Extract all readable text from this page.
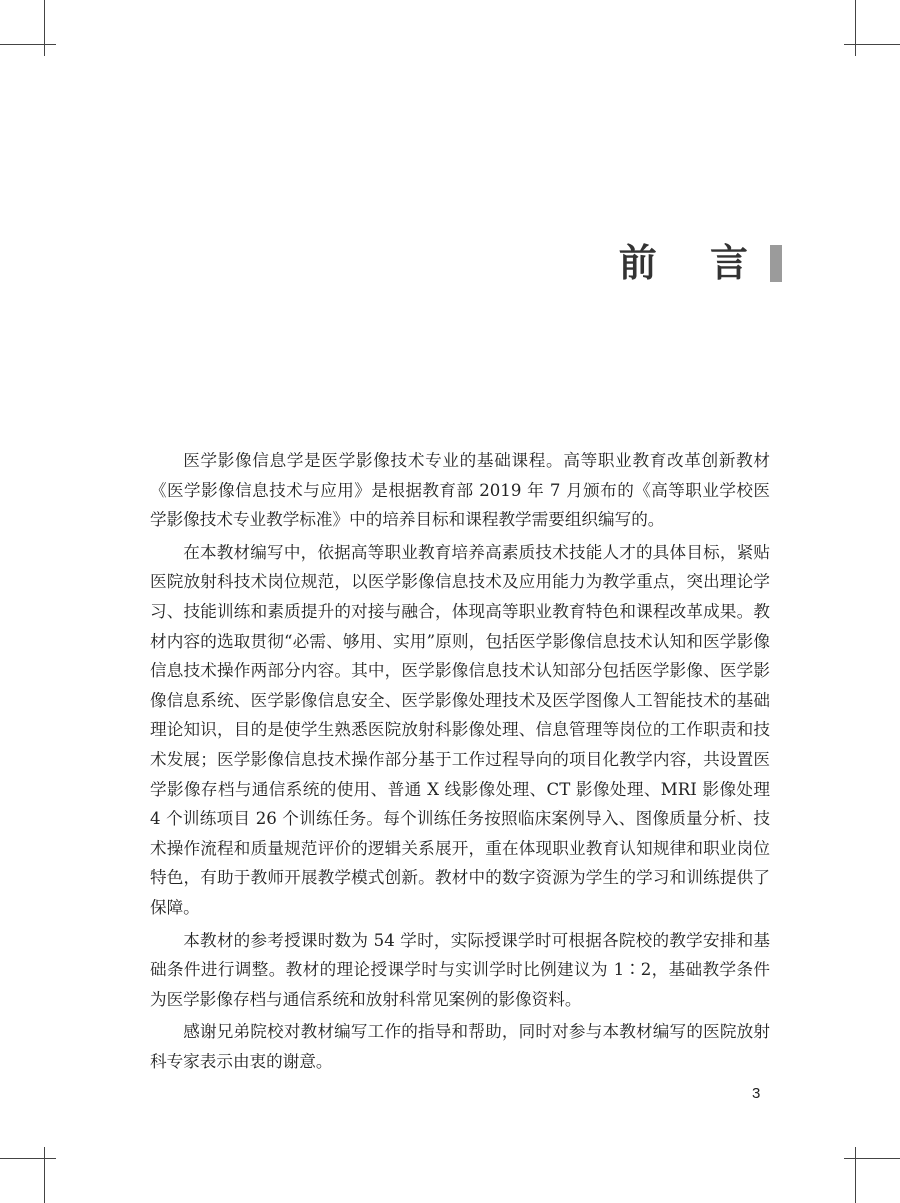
前 言

医学影像信息学是医学影像技术专业的基础课程。高等职业教育改革创新教材《医学影像信息技术与应用》是根据教育部 2019 年 7 月颁布的《高等职业学校医学影像技术专业教学标准》中的培养目标和课程教学需要组织编写的。

在本教材编写中，依据高等职业教育培养高素质技术技能人才的具体目标，紧贴医院放射科技术岗位规范，以医学影像信息技术及应用能力为教学重点，突出理论学习、技能训练和素质提升的对接与融合，体现高等职业教育特色和课程改革成果。教材内容的选取贯彻“必需、够用、实用”原则，包括医学影像信息技术认知和医学影像信息技术操作两部分内容。其中，医学影像信息技术认知部分包括医学影像、医学影像信息系统、医学影像信息安全、医学影像处理技术及医学图像人工智能技术的基础理论知识，目的是使学生熟悉医院放射科影像处理、信息管理等岗位的工作职责和技术发展；医学影像信息技术操作部分基于工作过程导向的项目化教学内容，共设置医学影像存档与通信系统的使用、普通 X 线影像处理、CT 影像处理、MRI 影像处理 4 个训练项目 26 个训练任务。每个训练任务按照临床案例导入、图像质量分析、技术操作流程和质量规范评价的逻辑关系展开，重在体现职业教育认知规律和职业岗位特色，有助于教师开展教学模式创新。教材中的数字资源为学生的学习和训练提供了保障。

本教材的参考授课时数为 54 学时，实际授课学时可根据各院校的教学安排和基础条件进行调整。教材的理论授课学时与实训学时比例建议为 1∶2，基础教学条件为医学影像存档与通信系统和放射科常见案例的影像资料。

感谢兄弟院校对教材编写工作的指导和帮助，同时对参与本教材编写的医院放射科专家表示由衷的谢意。

3
